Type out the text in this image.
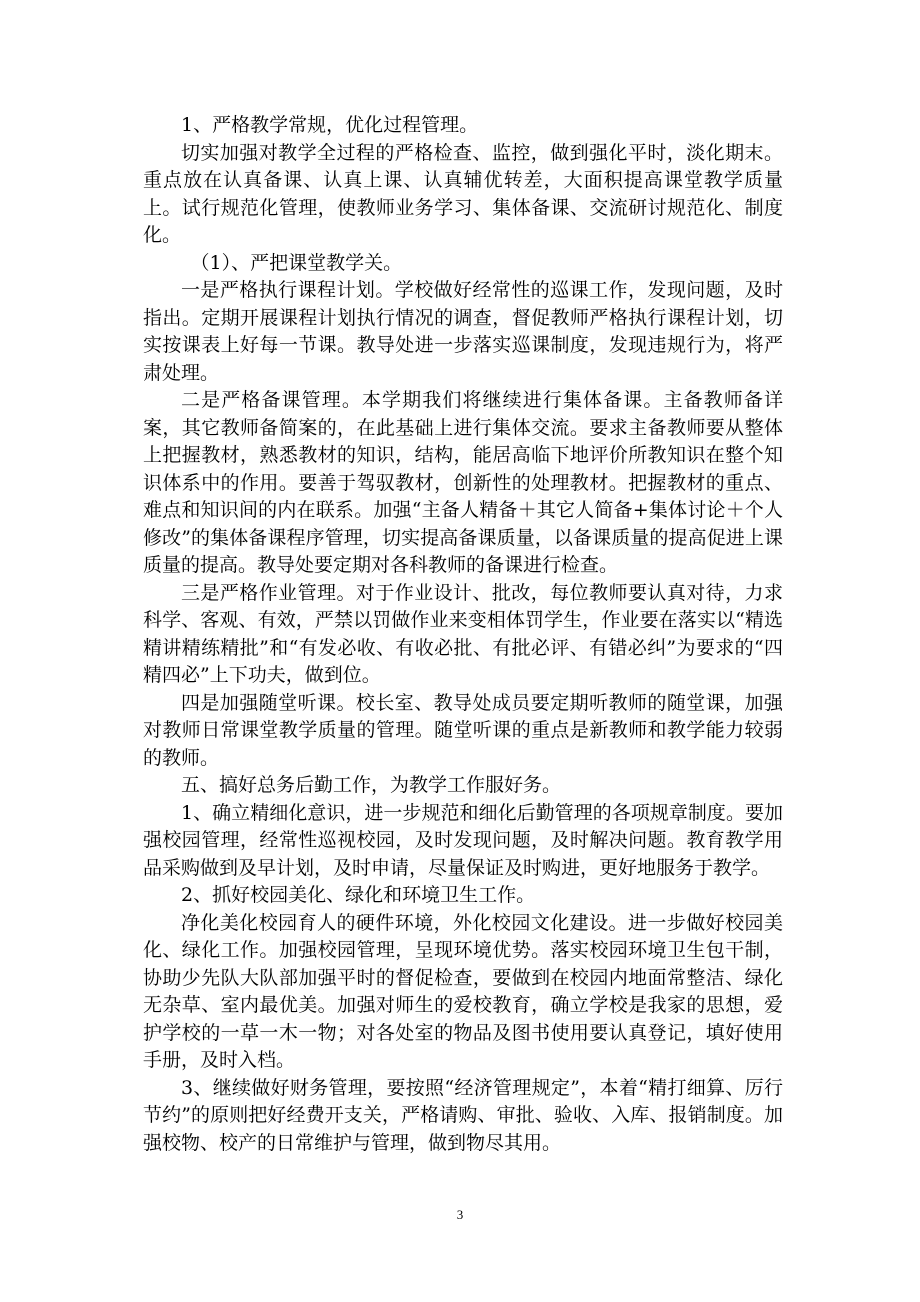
1、严格教学常规，优化过程管理。

切实加强对教学全过程的严格检查、监控，做到强化平时，淡化期末。重点放在认真备课、认真上课、认真辅优转差，大面积提高课堂教学质量上。试行规范化管理，使教师业务学习、集体备课、交流研讨规范化、制度化。

（1）、严把课堂教学关。

一是严格执行课程计划。学校做好经常性的巡课工作，发现问题，及时指出。定期开展课程计划执行情况的调查，督促教师严格执行课程计划，切实按课表上好每一节课。教导处进一步落实巡课制度，发现违规行为，将严肃处理。

二是严格备课管理。本学期我们将继续进行集体备课。主备教师备详案，其它教师备简案的，在此基础上进行集体交流。要求主备教师要从整体上把握教材，熟悉教材的知识，结构，能居高临下地评价所教知识在整个知识体系中的作用。要善于驾驭教材，创新性的处理教材。把握教材的重点、难点和知识间的内在联系。加强“主备人精备＋其它人简备+集体讨论＋个人修改”的集体备课程序管理，切实提高备课质量，以备课质量的提高促进上课质量的提高。教导处要定期对各科教师的备课进行检查。

三是严格作业管理。对于作业设计、批改，每位教师要认真对待，力求科学、客观、有效，严禁以罚做作业来变相体罚学生，作业要在落实以“精选精讲精练精批”和“有发必收、有收必批、有批必评、有错必纠”为要求的“四精四必”上下功夫，做到位。

四是加强随堂听课。校长室、教导处成员要定期听教师的随堂课，加强对教师日常课堂教学质量的管理。随堂听课的重点是新教师和教学能力较弱的教师。

五、搞好总务后勤工作，为教学工作服好务。

1、确立精细化意识，进一步规范和细化后勤管理的各项规章制度。要加强校园管理，经常性巡视校园，及时发现问题，及时解决问题。教育教学用品采购做到及早计划，及时申请，尽量保证及时购进，更好地服务于教学。

2、抓好校园美化、绿化和环境卫生工作。

净化美化校园育人的硬件环境，外化校园文化建设。进一步做好校园美化、绿化工作。加强校园管理，呈现环境优势。落实校园环境卫生包干制，协助少先队大队部加强平时的督促检查，要做到在校园内地面常整洁、绿化无杂草、室内最优美。加强对师生的爱校教育，确立学校是我家的思想，爱护学校的一草一木一物；对各处室的物品及图书使用要认真登记，填好使用手册，及时入档。

3、继续做好财务管理，要按照“经济管理规定”，本着“精打细算、厉行节约”的原则把好经费开支关，严格请购、审批、验收、入库、报销制度。加强校物、校产的日常维护与管理，做到物尽其用。

3
